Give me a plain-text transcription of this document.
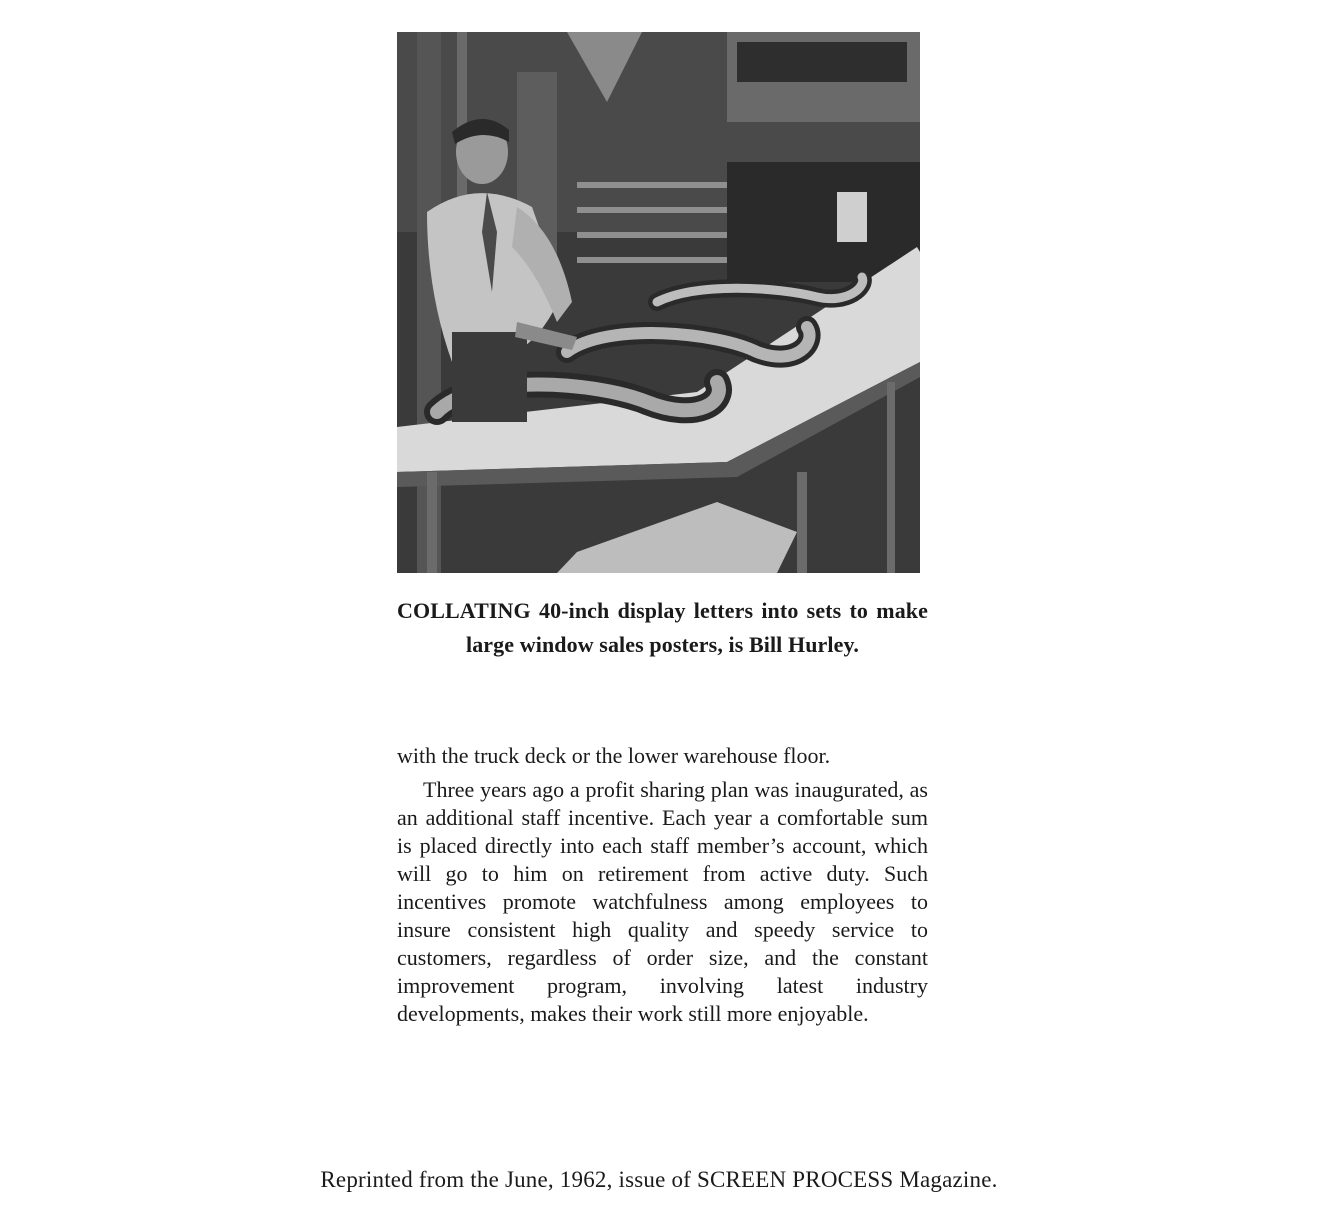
COLLATING 40-inch display letters into sets to make large window sales posters, is Bill Hurley.

with the truck deck or the lower warehouse floor.

Three years ago a profit sharing plan was inaugurated, as an additional staff incentive. Each year a comfortable sum is placed directly into each staff member’s account, which will go to him on retirement from active duty. Such incentives promote watchfulness among employees to insure consistent high quality and speedy service to customers, regardless of order size, and the constant improvement program, involving latest industry developments, makes their work still more enjoyable.

Reprinted from the June, 1962, issue of SCREEN PROCESS Magazine.
